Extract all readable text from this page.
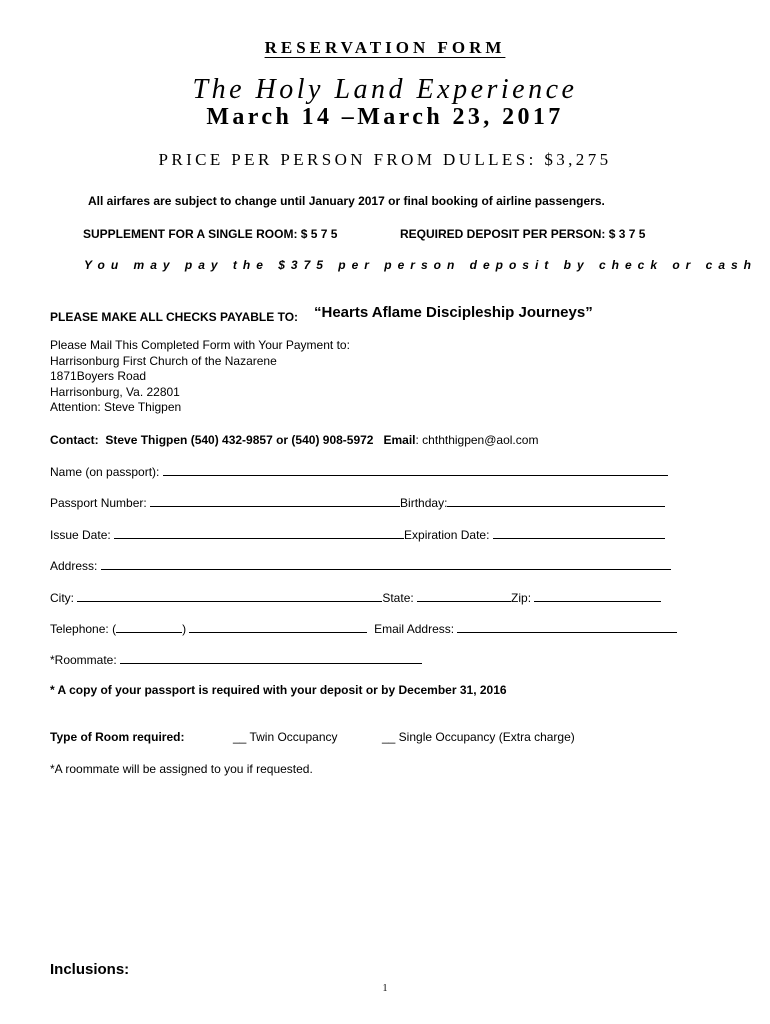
RESERVATION FORM
The Holy Land Experience
March 14 –March 23, 2017
PRICE PER PERSON FROM DULLES: $3,275
All airfares are subject to change until January 2017 or final booking of airline passengers.
SUPPLEMENT FOR A SINGLE ROOM: $ 5 7 5	REQUIRED DEPOSIT PER PERSON: $ 3 7 5
You may pay the $375 per person deposit by check or cash
PLEASE MAKE ALL CHECKS PAYABLE TO: “Hearts Aflame Discipleship Journeys”
Please Mail This Completed Form with Your Payment to:
Harrisonburg First Church of the Nazarene
1871Boyers Road
Harrisonburg, Va. 22801
Attention: Steve Thigpen
Contact: Steve Thigpen (540) 432-9857 or (540) 908-5972 Email: chththigpen@aol.com
Name (on passport):
Passport Number:	Birthday:
Issue Date:	Expiration Date:
Address:
City:	State:	Zip:
Telephone: (	)	Email Address:
*Roommate:
* A copy of your passport is required with your deposit or by December 31, 2016
Type of Room required:	__ Twin Occupancy	__ Single Occupancy (Extra charge)
*A roommate will be assigned to you if requested.
Inclusions:
1
